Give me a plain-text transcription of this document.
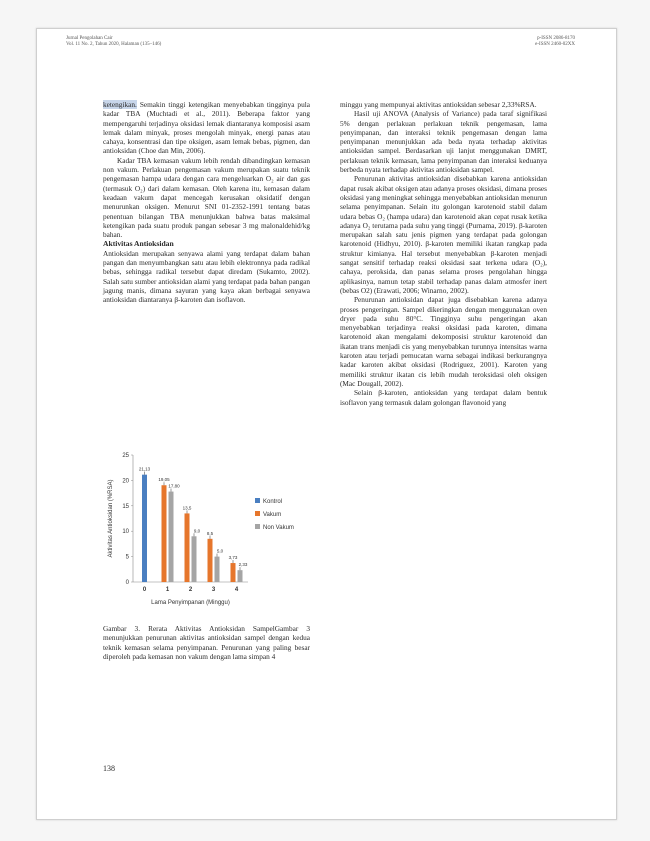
Jurnal Pengolahan Cair
Vol. 11 No. 2, Tahun 2020, Halaman (135–146)
p-ISSN 2086-8170
e-ISSN 2460-02XX

ketengikan. Semakin tinggi ketengikan menyebabkan tingginya pula kadar TBA (Muchtadi et al., 2011). Beberapa faktor yang mempengaruhi terjadinya oksidasi lemak diantaranya komposisi asam lemak dalam minyak, proses mengolah minyak, energi panas atau cahaya, konsentrasi dan tipe oksigen, asam lemak bebas, pigmen, dan antioksidan (Choe dan Min, 2006).

Kadar TBA kemasan vakum lebih rendah dibandingkan kemasan non vakum. Perlakuan pengemasan vakum merupakan suatu teknik pengemasan hampa udara dengan cara mengeluarkan O₂ air dan gas (termasuk O₂) dari dalam kemasan. Oleh karena itu, kemasan dalam keadaan vakum dapat mencegah kerusakan oksidatif dengan menurunkan oksigen. Menurut SNI 01-2352-1991 tentang batas penentuan bilangan TBA menunjukkan bahwa batas maksimal ketengikan pada suatu produk pangan sebesar 3 mg malonaldehid/kg bahan.

Aktivitas Antioksidan

Antioksidan merupakan senyawa alami yang terdapat dalam bahan pangan dan menyumbangkan satu atau lebih elektronnya pada radikal bebas, sehingga radikal tersebut dapat diredam (Sukamto, 2002). Salah satu sumber antioksidan alami yang terdapat pada bahan pangan jagung manis, dimana sayuran yang kaya akan berbagai senyawa antioksidan diantaranya β-karoten dan isoflavon.

0
5
10
15
20
25
0
21,13
1
19,05
17,80
2
13,5
9,0
3
8,5
5,0
4
3,73
2,33
Lama Penyimpanan (Minggu)
Aktivitas Antioksidan (%RSA)	Kontrol
Vakum
Non Vakum

Gambar 3. Rerata Aktivitas Antioksidan SampelGambar 3 menunjukkan penurunan aktivitas antioksidan sampel dengan kedua teknik kemasan selama penyimpanan. Penurunan yang paling besar diperoleh pada kemasan non vakum dengan lama simpan 4

minggu yang mempunyai aktivitas antioksidan sebesar 2,33%RSA.

Hasil uji ANOVA (Analysis of Variance) pada taraf signifikasi 5% dengan perlakuan perlakuan teknik pengemasan, lama penyimpanan, dan interaksi teknik pengemasan dengan lama penyimpanan menunjukkan ada beda nyata terhadap aktivitas antioksidan sampel. Berdasarkan uji lanjut menggunakan DMRT, perlakuan teknik kemasan, lama penyimpanan dan interaksi keduanya berbeda nyata terhadap aktivitas antioksidan sampel.

Penurunan aktivitas antioksidan disebabkan karena antioksidan dapat rusak akibat oksigen atau adanya proses oksidasi, dimana proses oksidasi yang meningkat sehingga menyebabkan antioksidan menurun selama penyimpanan. Selain itu golongan karotenoid stabil dalam udara bebas O₂ (hampa udara) dan karotenoid akan cepat rusak ketika adanya O₂ terutama pada suhu yang tinggi (Purnama, 2019). β-karoten merupakan salah satu jenis pigmen yang terdapat pada golongan karotenoid (Hidhyu, 2010). β-karoten memiliki ikatan rangkap pada struktur kimianya. Hal tersebut menyebabkan β-karoten menjadi sangat sensitif terhadap reaksi oksidasi saat terkena udara (O₂), cahaya, peroksida, dan panas selama proses pengolahan hingga aplikasinya, namun tetap stabil terhadap panas dalam atmosfer inert (bebas O2) (Erawati, 2006; Winarno, 2002).

Penurunan antioksidan dapat juga disebabkan karena adanya proses pengeringan. Sampel dikeringkan dengan menggunakan oven dryer pada suhu 80°C. Tingginya suhu pengeringan akan menyebabkan terjadinya reaksi oksidasi pada karoten, dimana karotenoid akan mengalami dekomposisi struktur karotenoid dan ikatan trans menjadi cis yang menyebabkan turunnya intensitas warna karoten atau terjadi pemucatan warna sebagai indikasi berkurangnya kadar karoten akibat oksidasi (Rodriguez, 2001). Karoten yang memiliki struktur ikatan cis lebih mudah teroksidasi oleh oksigen (Mac Dougall, 2002).

Selain β-karoten, antioksidan yang terdapat dalam bentuk isoflavon yang termasuk dalam golongan flavonoid yang

138
